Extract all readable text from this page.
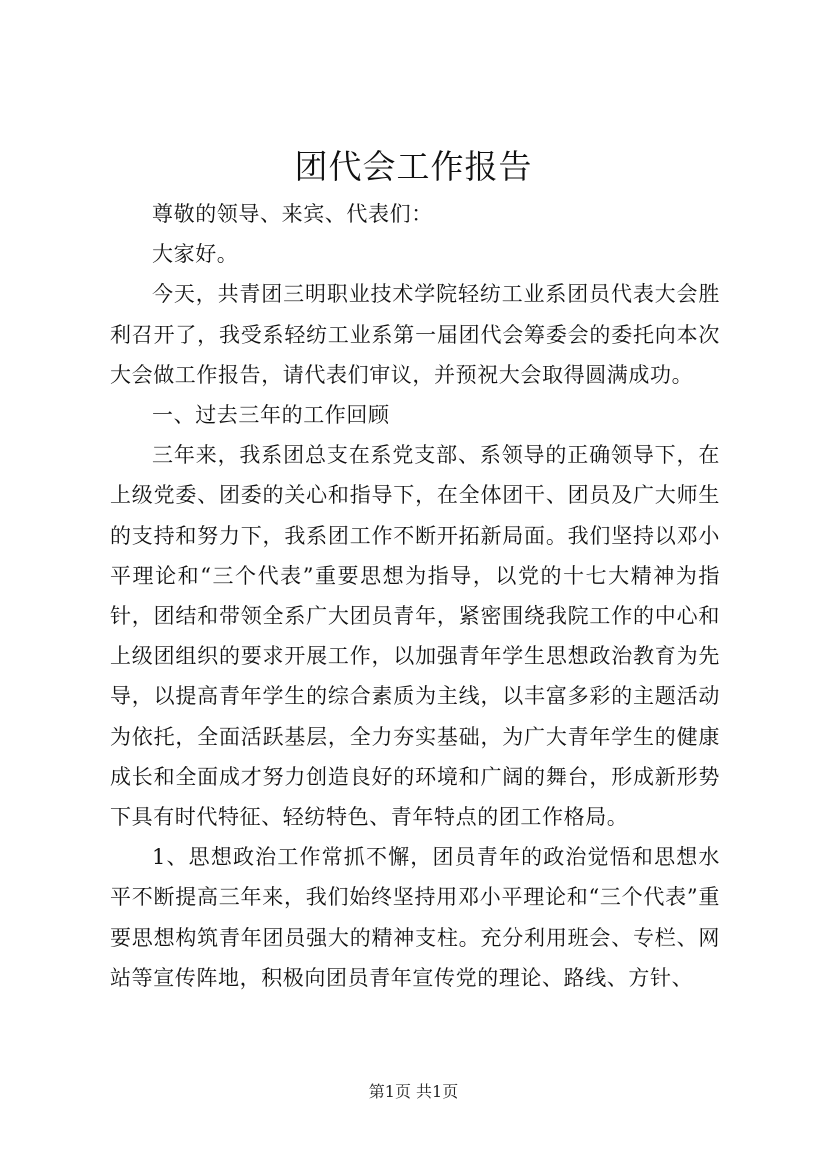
团代会工作报告

尊敬的领导、来宾、代表们：

大家好。

今天，共青团三明职业技术学院轻纺工业系团员代表大会胜利召开了，我受系轻纺工业系第一届团代会筹委会的委托向本次大会做工作报告，请代表们审议，并预祝大会取得圆满成功。

一、过去三年的工作回顾

三年来，我系团总支在系党支部、系领导的正确领导下，在上级党委、团委的关心和指导下，在全体团干、团员及广大师生的支持和努力下，我系团工作不断开拓新局面。我们坚持以邓小平理论和“三个代表”重要思想为指导，以党的十七大精神为指针，团结和带领全系广大团员青年，紧密围绕我院工作的中心和上级团组织的要求开展工作，以加强青年学生思想政治教育为先导，以提高青年学生的综合素质为主线，以丰富多彩的主题活动为依托，全面活跃基层，全力夯实基础，为广大青年学生的健康成长和全面成才努力创造良好的环境和广阔的舞台，形成新形势下具有时代特征、轻纺特色、青年特点的团工作格局。

1、思想政治工作常抓不懈，团员青年的政治觉悟和思想水平不断提高三年来，我们始终坚持用邓小平理论和“三个代表”重要思想构筑青年团员强大的精神支柱。充分利用班会、专栏、网站等宣传阵地，积极向团员青年宣传党的理论、路线、方针、

第1页 共1页
